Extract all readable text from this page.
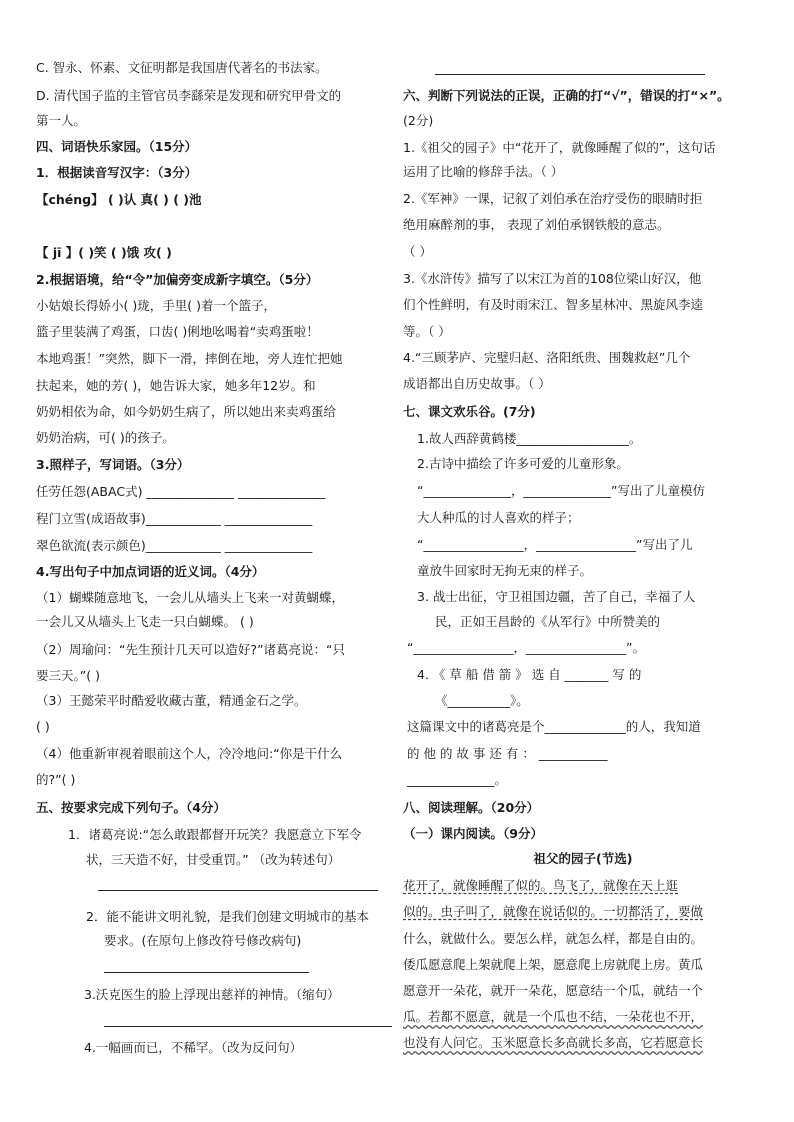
C. 智永、怀素、文征明都是我国唐代著名的书法家。
D. 清代国子监的主管官员李繇荣是发现和研究甲骨文的
第一人。
四、词语快乐家园。（15分）
1．根据读音写汉字：（3分）
【chénɡ】 ( )认 真( ) ( )池
【 jī 】( )笑 ( )饿 攻( )
2.根据语境，给“令”加偏旁变成新字填空。（5分）
小姑娘长得娇小( )珑，手里( )着一个篮子，
篮子里装满了鸡蛋，口齿( )俐地吆喝着“卖鸡蛋啦！
本地鸡蛋！”突然，脚下一滑，摔倒在地，旁人连忙把她
扶起来，她的芳( )，她告诉大家，她多年12岁。和
奶奶相依为命，如今奶奶生病了，所以她出来卖鸡蛋给
奶奶治病，可( )的孩子。
3.照样子，写词语。（3分）
任劳任怨(ABAC式) ______________ ______________
程门立雪(成语故事)____________ ______________
翠色欲流(表示颜色)____________ ______________
4.写出句子中加点词语的近义词。（4分）
（1）蝴蝶随意地飞，一会儿从墙头上飞来一对黄蝴蝶，
一会儿又从墙头上飞走一只白蝴蝶。 ( )
（2）周瑜问：“先生预计几天可以造好?”诸葛亮说：“只
要三天。”( )
（3）王懿荣平时酷爱收藏古董，精通金石之学。
( )
（4）他重新审视着眼前这个人，冷冷地问:“你是干什么
的?”( )
五、按要求完成下列句子。（4分）
1．诸葛亮说:“怎么敢跟都督开玩笑？我愿意立下军令
状，三天造不好，甘受重罚。” （改为转述句）
2．能不能讲文明礼貌，是我们创建文明城市的基本
要求。(在原句上修改符号修改病句)
3.沃克医生的脸上浮现出慈祥的神情。（缩句）
4.一幅画而已，不稀罕。（改为反问句）
六、判断下列说法的正误，正确的打“√”，错误的打“×”。
(2分)
1.《祖父的园子》中“花开了，就像睡醒了似的”，这句话
运用了比喻的修辞手法。（ ）
2.《军神》一课，记叙了刘伯承在治疗受伤的眼睛时拒
绝用麻醉剂的事， 表现了刘伯承钢铁般的意志。
（ ）
3.《水浒传》描写了以宋江为首的108位梁山好汉，他
们个性鲜明，有及时雨宋江、智多星林冲、黑旋风李逵
等。（ ）
4.“三顾茅庐、完璧归赵、洛阳纸贵、围魏救赵”几个
成语都出自历史故事。（ ）
七、课文欢乐谷。(7分)
1.故人西辞黄鹤楼__________________。
2.古诗中描绘了许多可爱的儿童形象。
“______________，______________”写出了儿童模仿
大人种瓜的讨人喜欢的样子；
“________________，________________”写出了儿
童放牛回家时无拘无束的样子。
3. 战士出征，守卫祖国边疆，苦了自己，幸福了人
民，正如王昌龄的《从军行》中所赞美的
“________________，________________”。
4. 《 草 船 借 箭 》 选 自 _______ 写 的
《__________》。
这篇课文中的诸葛亮是个_____________的人，我知道
的 他 的 故 事 还 有 ： ___________
______________。
八、阅读理解。（20分）
（一）课内阅读。（9分）
祖父的园子(节选)
花开了，就像睡醒了似的。鸟飞了，就像在天上逛
似的。虫子叫了，就像在说话似的。一切都活了，要做
什么，就做什么。要怎么样，就怎么样，都是自由的。
倭瓜愿意爬上架就爬上架，愿意爬上房就爬上房。黄瓜
愿意开一朵花，就开一朵花，愿意结一个瓜，就结一个
瓜。若都不愿意，就是一个瓜也不结，一朵花也不开，
也没有人问它。玉米愿意长多高就长多高，它若愿意长
